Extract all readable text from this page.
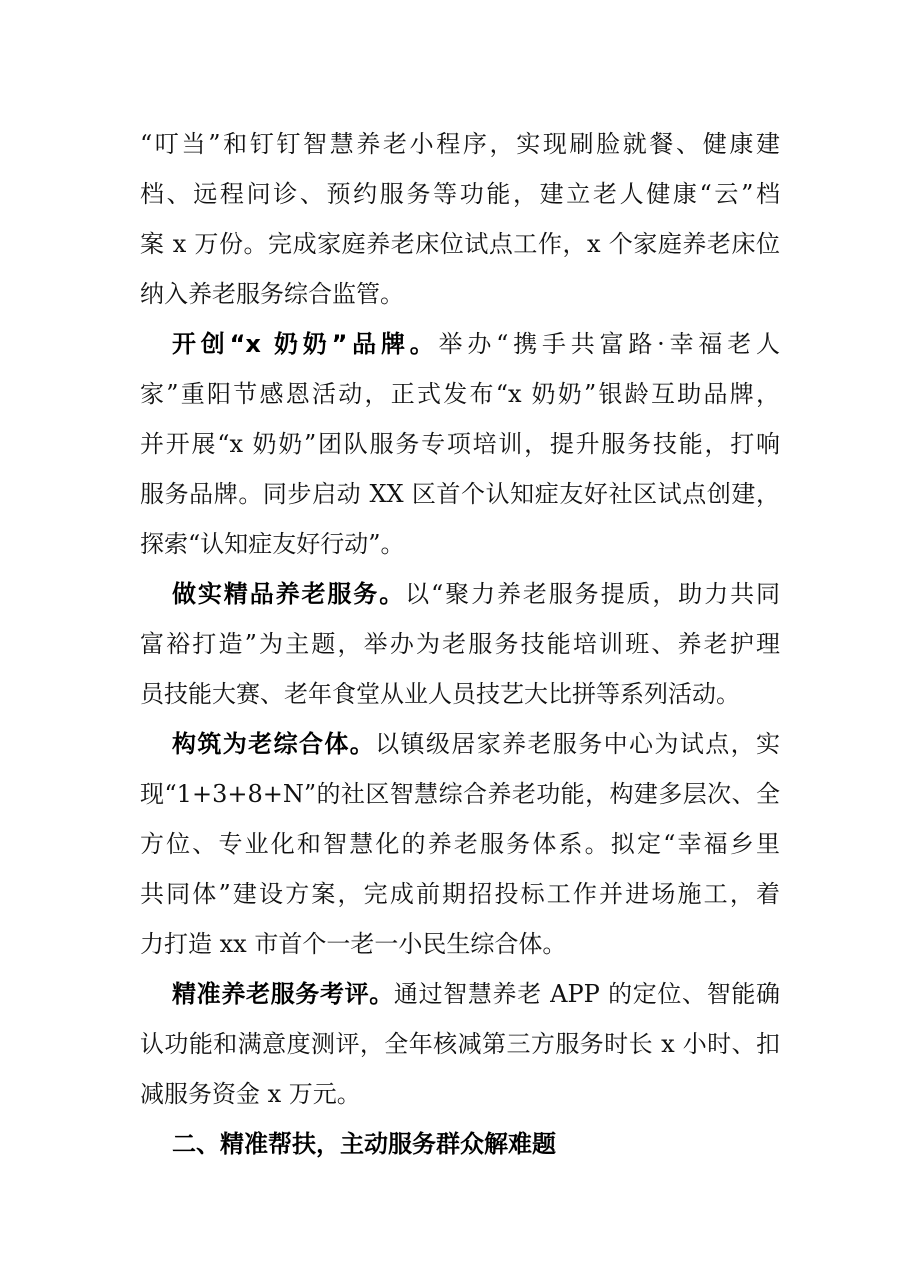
“叮当”和钉钉智慧养老小程序，实现刷脸就餐、健康建
档、远程问诊、预约服务等功能，建立老人健康“云”档
案 x 万份。完成家庭养老床位试点工作，x 个家庭养老床位
纳入养老服务综合监管。
开创“x 奶奶”品牌。举办“携手共富路·幸福老人
家”重阳节感恩活动，正式发布“x 奶奶”银龄互助品牌，
并开展“x 奶奶”团队服务专项培训，提升服务技能，打响
服务品牌。同步启动 XX 区首个认知症友好社区试点创建，
探索“认知症友好行动”。
做实精品养老服务。以“聚力养老服务提质，助力共同
富裕打造”为主题，举办为老服务技能培训班、养老护理
员技能大赛、老年食堂从业人员技艺大比拼等系列活动。
构筑为老综合体。以镇级居家养老服务中心为试点，实
现“1+3+8+N”的社区智慧综合养老功能，构建多层次、全
方位、专业化和智慧化的养老服务体系。拟定“幸福乡里
共同体”建设方案，完成前期招投标工作并进场施工，着
力打造 xx 市首个一老一小民生综合体。
精准养老服务考评。通过智慧养老 APP 的定位、智能确
认功能和满意度测评，全年核减第三方服务时长 x 小时、扣
减服务资金 x 万元。
二、精准帮扶，主动服务群众解难题
